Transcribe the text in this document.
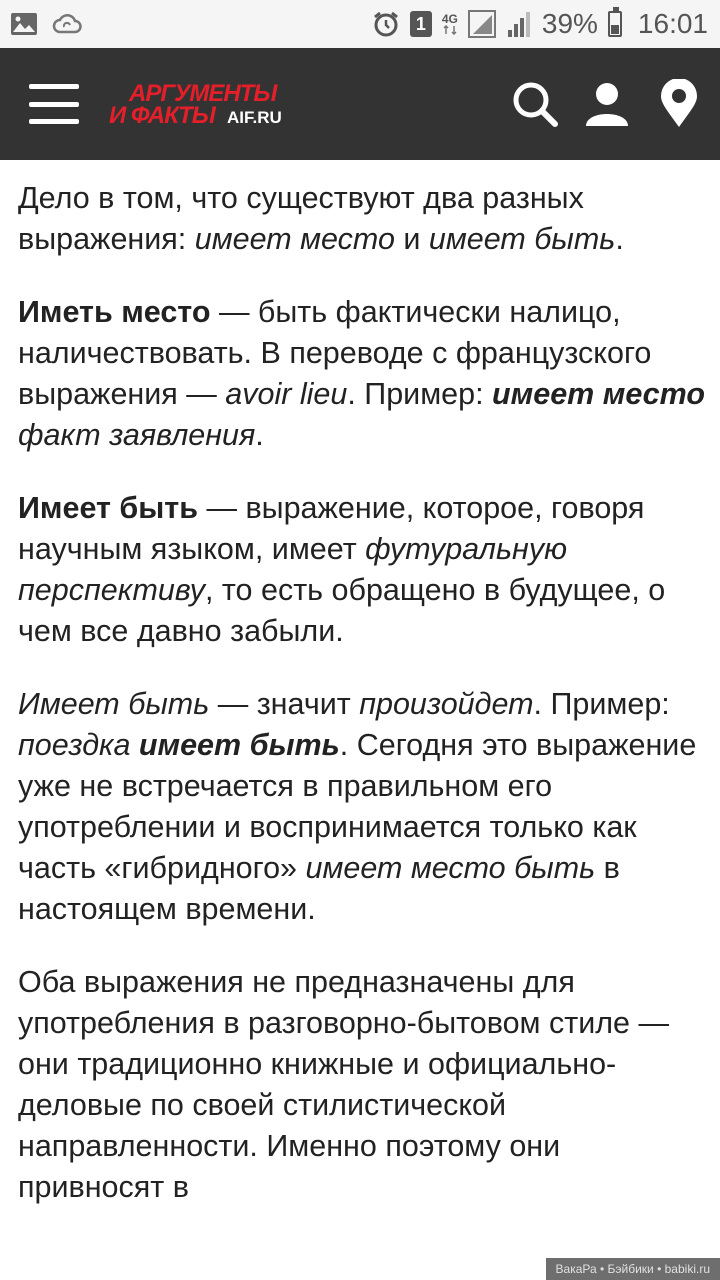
1	4G	39% 16:01
АРГУМЕНТЫ
И ФАКТЫ AIF.RU

Дело в том, что существуют два разных выражения: имеет место и имеет быть.

Иметь место — быть фактически налицо, наличествовать. В переводе с французского выражения — avoir lieu. Пример: имеет место факт заявления.

Имеет быть — выражение, которое, говоря научным языком, имеет футуральную перспективу, то есть обращено в будущее, о чем все давно забыли.

Имеет быть — значит произойдет. Пример: поездка имеет быть. Сегодня это выражение уже не встречается в правильном его употреблении и воспринимается только как часть «гибридного» имеет место быть в настоящем времени.

Оба выражения не предназначены для употребления в разговорно-бытовом стиле — они традиционно книжные и официально-деловые по своей стилистической направленности. Именно поэтому они привносят в

ВакаРа • Бэйбики • babiki.ru
